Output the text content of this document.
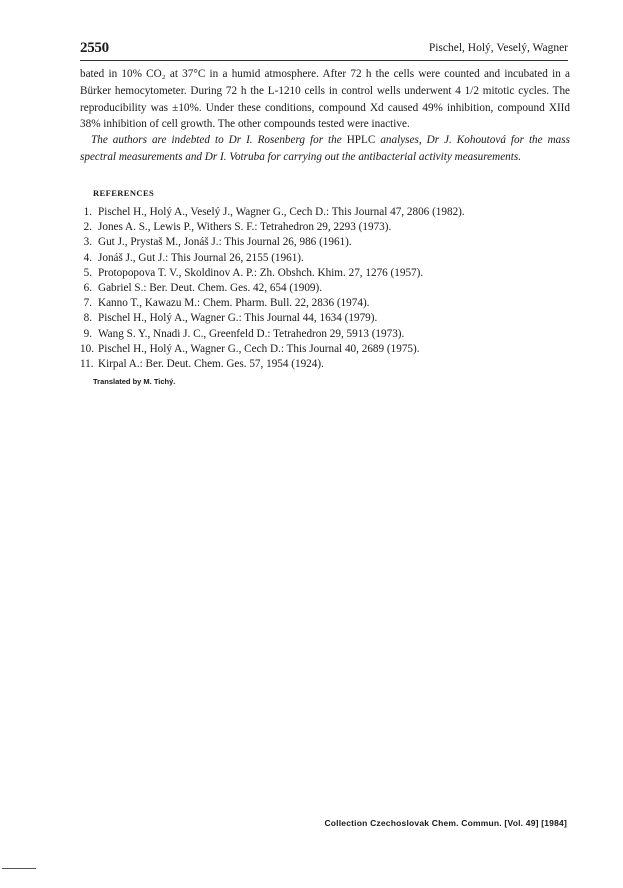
2550	Pischel, Holý, Veselý, Wagner

bated in 10% CO₂ at 37°C in a humid atmosphere. After 72 h the cells were counted and incubated in a Bürker hemocytometer. During 72 h the L-1210 cells in control wells underwent 4 1/2 mitotic cycles. The reproducibility was ±10%. Under these conditions, compound Xd caused 49% inhibition, compound XIId 38% inhibition of cell growth. The other compounds tested were inactive.

The authors are indebted to Dr I. Rosenberg for the HPLC analyses, Dr J. Kohoutová for the mass spectral measurements and Dr I. Votruba for carrying out the antibacterial activity measurements.

REFERENCES
1. Pischel H., Holý A., Veselý J., Wagner G., Cech D.: This Journal 47, 2806 (1982).
2. Jones A. S., Lewis P., Withers S. F.: Tetrahedron 29, 2293 (1973).
3. Gut J., Prystaš M., Jonáš J.: This Journal 26, 986 (1961).
4. Jonáš J., Gut J.: This Journal 26, 2155 (1961).
5. Protopopova T. V., Skoldinov A. P.: Zh. Obshch. Khim. 27, 1276 (1957).
6. Gabriel S.: Ber. Deut. Chem. Ges. 42, 654 (1909).
7. Kanno T., Kawazu M.: Chem. Pharm. Bull. 22, 2836 (1974).
8. Pischel H., Holý A., Wagner G.: This Journal 44, 1634 (1979).
9. Wang S. Y., Nnadi J. C., Greenfeld D.: Tetrahedron 29, 5913 (1973).
10. Pischel H., Holý A., Wagner G., Cech D.: This Journal 40, 2689 (1975).
11. Kirpal A.: Ber. Deut. Chem. Ges. 57, 1954 (1924).

Translated by M. Tichý.

Collection Czechoslovak Chem. Commun. [Vol. 49] [1984]
